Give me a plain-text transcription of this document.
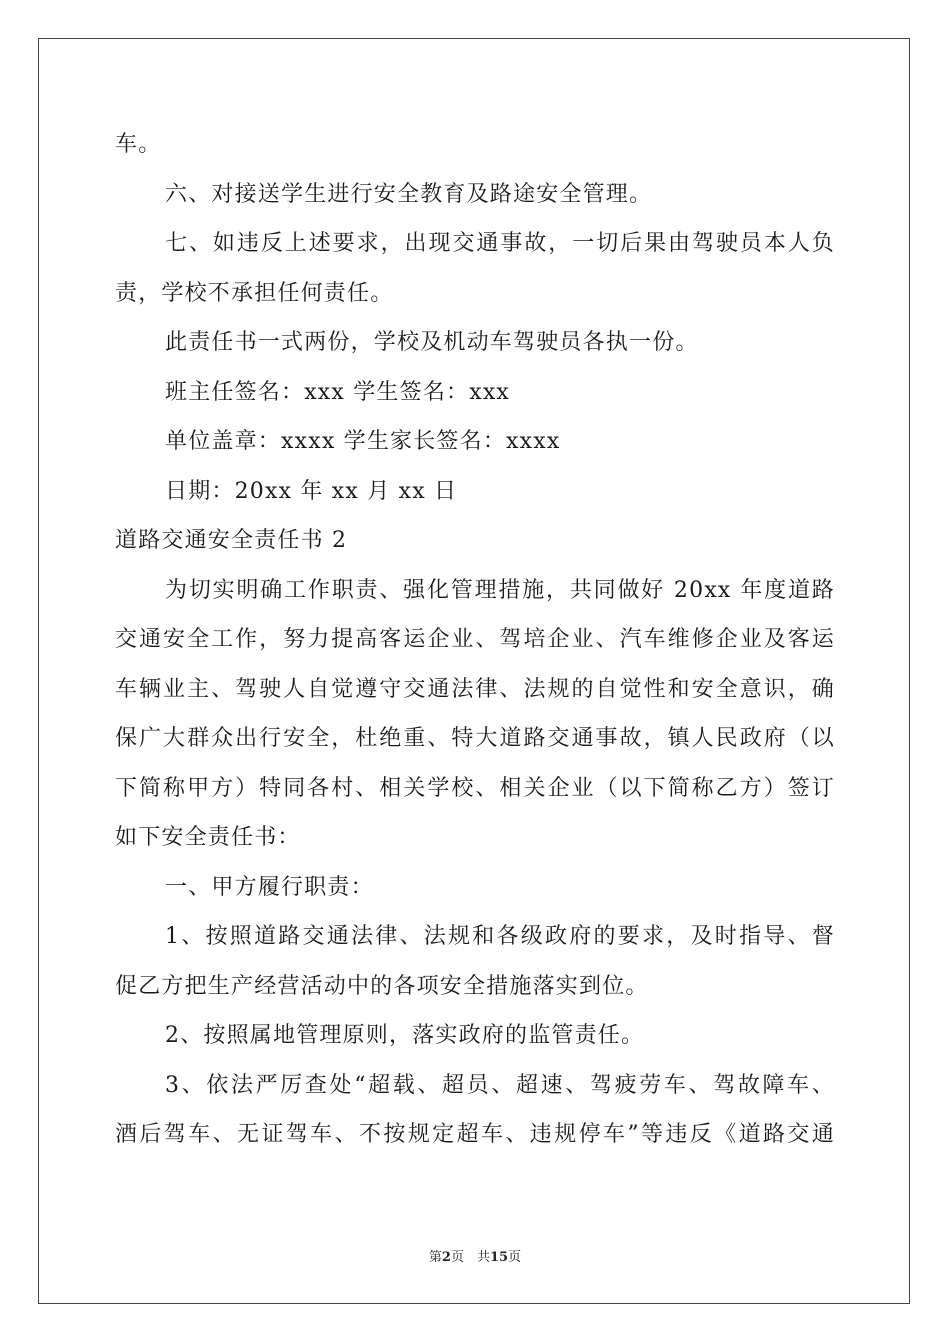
车。
六、对接送学生进行安全教育及路途安全管理。
七、如违反上述要求，出现交通事故，一切后果由驾驶员本人负
责，学校不承担任何责任。
此责任书一式两份，学校及机动车驾驶员各执一份。
班主任签名：xxx 学生签名：xxx
单位盖章：xxxx 学生家长签名：xxxx
日期：20xx 年 xx 月 xx 日
道路交通安全责任书 2
为切实明确工作职责、强化管理措施，共同做好 20xx 年度道路
交通安全工作，努力提高客运企业、驾培企业、汽车维修企业及客运
车辆业主、驾驶人自觉遵守交通法律、法规的自觉性和安全意识，确
保广大群众出行安全，杜绝重、特大道路交通事故，镇人民政府（以
下简称甲方）特同各村、相关学校、相关企业（以下简称乙方）签订
如下安全责任书：
一、甲方履行职责：
1、按照道路交通法律、法规和各级政府的要求，及时指导、督
促乙方把生产经营活动中的各项安全措施落实到位。
2、按照属地管理原则，落实政府的监管责任。
3、依法严厉查处“超载、超员、超速、驾疲劳车、驾故障车、
酒后驾车、无证驾车、不按规定超车、违规停车”等违反《道路交通
第2页　共15页
